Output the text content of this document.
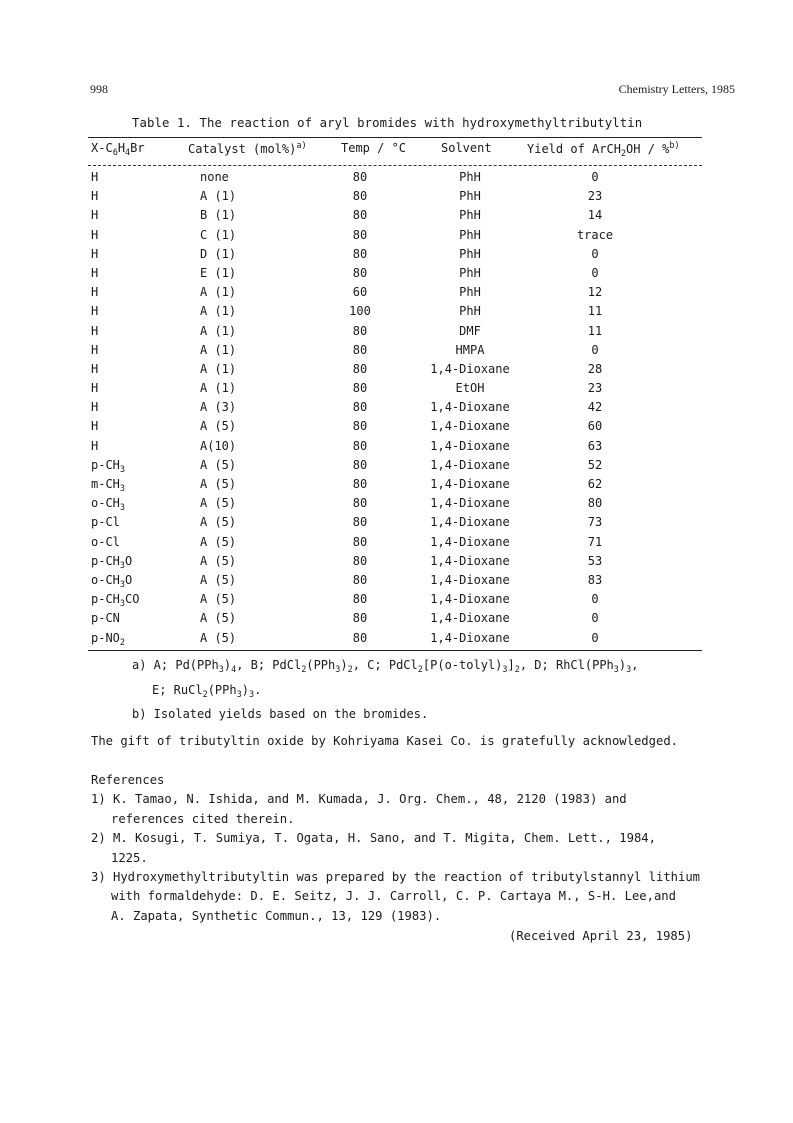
998	Chemistry Letters, 1985
Table 1. The reaction of aryl bromides with hydroxymethyltributyltin
$X-C_6H_4Br$	Catalyst $(mol\%)^{a)}$	Temp / °C	Solvent	Yield of ArCH$_2$OH / %$^{b)}$
H	none	80	PhH	0
H	A (1)	80	PhH	23
H	B (1)	80	PhH	14
H	C (1)	80	PhH	trace
H	D (1)	80	PhH	0
H	E (1)	80	PhH	0
H	A (1)	60	PhH	12
H	A (1)	100	PhH	11
H	A (1)	80	DMF	11
H	A (1)	80	HMPA	0
H	A (1)	80	1,4-Dioxane	28
H	A (1)	80	EtOH	23
H	A (3)	80	1,4-Dioxane	42
H	A (5)	80	1,4-Dioxane	60
H	A(10)	80	1,4-Dioxane	63
$p-CH_3$	A (5)	80	1,4-Dioxane	52
$m-CH_3$	A (5)	80	1,4-Dioxane	62
$o-CH_3$	A (5)	80	1,4-Dioxane	80
p-Cl	A (5)	80	1,4-Dioxane	73
o-Cl	A (5)	80	1,4-Dioxane	71
$p-CH_3O$	A (5)	80	1,4-Dioxane	53
$o-CH_3O$	A (5)	80	1,4-Dioxane	83
$p-CH_3CO$	A (5)	80	1,4-Dioxane	0
p-CN	A (5)	80	1,4-Dioxane	0
$p-NO_2$	A (5)	80	1,4-Dioxane	0
a) A; $Pd(PPh_3)_4$, B; $PdCl_2(PPh_3)_2$, C; $PdCl_2[P(o-tolyl)_3]_2$, D; $RhCl(PPh_3)_3$,
E; $RuCl_2(PPh_3)_3$.
b) Isolated yields based on the bromides.
The gift of tributyltin oxide by Kohriyama Kasei Co. is gratefully acknowledged.
References
1) K. Tamao, N. Ishida, and M. Kumada, J. Org. Chem., 48, 2120 (1983) and
references cited therein.
2) M. Kosugi, T. Sumiya, T. Ogata, H. Sano, and T. Migita, Chem. Lett., 1984,
1225.
3) Hydroxymethyltributyltin was prepared by the reaction of tributylstannyl lithium
with formaldehyde: D. E. Seitz, J. J. Carroll, C. P. Cartaya M., S-H. Lee,and
A. Zapata, Synthetic Commun., 13, 129 (1983).
(Received April 23, 1985)
